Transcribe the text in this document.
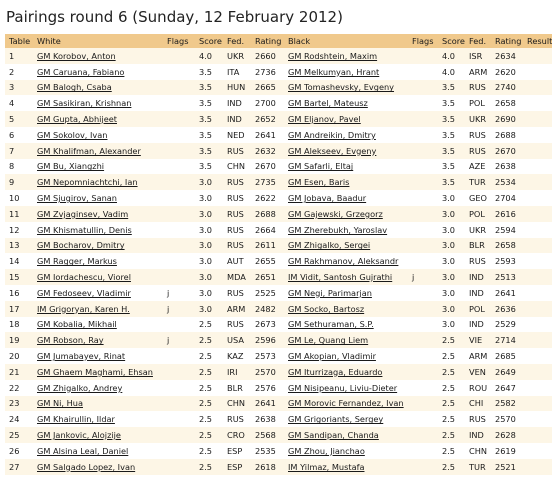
Pairings round 6 (Sunday, 12 February 2012)
Table	White	Flags	Score	Fed.	Rating	Black	Flags	Score	Fed.	Rating	Result
1	GM Korobov, Anton		4.0	UKR	2660	GM Rodshtein, Maxim		4.0	ISR	2634	
2	GM Caruana, Fabiano		3.5	ITA	2736	GM Melkumyan, Hrant		4.0	ARM	2620	
3	GM Balogh, Csaba		3.5	HUN	2665	GM Tomashevsky, Evgeny		3.5	RUS	2740	
4	GM Sasikiran, Krishnan		3.5	IND	2700	GM Bartel, Mateusz		3.5	POL	2658	
5	GM Gupta, Abhijeet		3.5	IND	2652	GM Eljanov, Pavel		3.5	UKR	2690	
6	GM Sokolov, Ivan		3.5	NED	2641	GM Andreikin, Dmitry		3.5	RUS	2688	
7	GM Khalifman, Alexander		3.5	RUS	2632	GM Alekseev, Evgeny		3.5	RUS	2670	
8	GM Bu, Xiangzhi		3.5	CHN	2670	GM Safarli, Eltaj		3.5	AZE	2638	
9	GM Nepomniachtchi, Ian		3.0	RUS	2735	GM Esen, Baris		3.5	TUR	2534	
10	GM Sjugirov, Sanan		3.0	RUS	2622	GM Jobava, Baadur		3.0	GEO	2704	
11	GM Zvjaginsev, Vadim		3.0	RUS	2688	GM Gajewski, Grzegorz		3.0	POL	2616	
12	GM Khismatullin, Denis		3.0	RUS	2664	GM Zherebukh, Yaroslav		3.0	UKR	2594	
13	GM Bocharov, Dmitry		3.0	RUS	2611	GM Zhigalko, Sergei		3.0	BLR	2658	
14	GM Ragger, Markus		3.0	AUT	2655	GM Rakhmanov, Aleksandr		3.0	RUS	2593	
15	GM Iordachescu, Viorel		3.0	MDA	2651	IM Vidit, Santosh Gujrathi	j	3.0	IND	2513	
16	GM Fedoseev, Vladimir	j	3.0	RUS	2525	GM Negi, Parimarjan		3.0	IND	2641	
17	IM Grigoryan, Karen H.	j	3.0	ARM	2482	GM Socko, Bartosz		3.0	POL	2636	
18	GM Kobalia, Mikhail		2.5	RUS	2673	GM Sethuraman, S.P.		3.0	IND	2529	
19	GM Robson, Ray	j	2.5	USA	2596	GM Le, Quang Liem		2.5	VIE	2714	
20	GM Jumabayev, Rinat		2.5	KAZ	2573	GM Akopian, Vladimir		2.5	ARM	2685	
21	GM Ghaem Maghami, Ehsan		2.5	IRI	2570	GM Iturrizaga, Eduardo		2.5	VEN	2649	
22	GM Zhigalko, Andrey		2.5	BLR	2576	GM Nisipeanu, Liviu-Dieter		2.5	ROU	2647	
23	GM Ni, Hua		2.5	CHN	2641	GM Morovic Fernandez, Ivan		2.5	CHI	2582	
24	GM Khairullin, Ildar		2.5	RUS	2638	GM Grigoriants, Sergey		2.5	RUS	2570	
25	GM Jankovic, Alojzije		2.5	CRO	2568	GM Sandipan, Chanda		2.5	IND	2628	
26	GM Alsina Leal, Daniel		2.5	ESP	2535	GM Zhou, Jianchao		2.5	CHN	2619	
27	GM Salgado Lopez, Ivan		2.5	ESP	2618	IM Yilmaz, Mustafa		2.5	TUR	2521	
